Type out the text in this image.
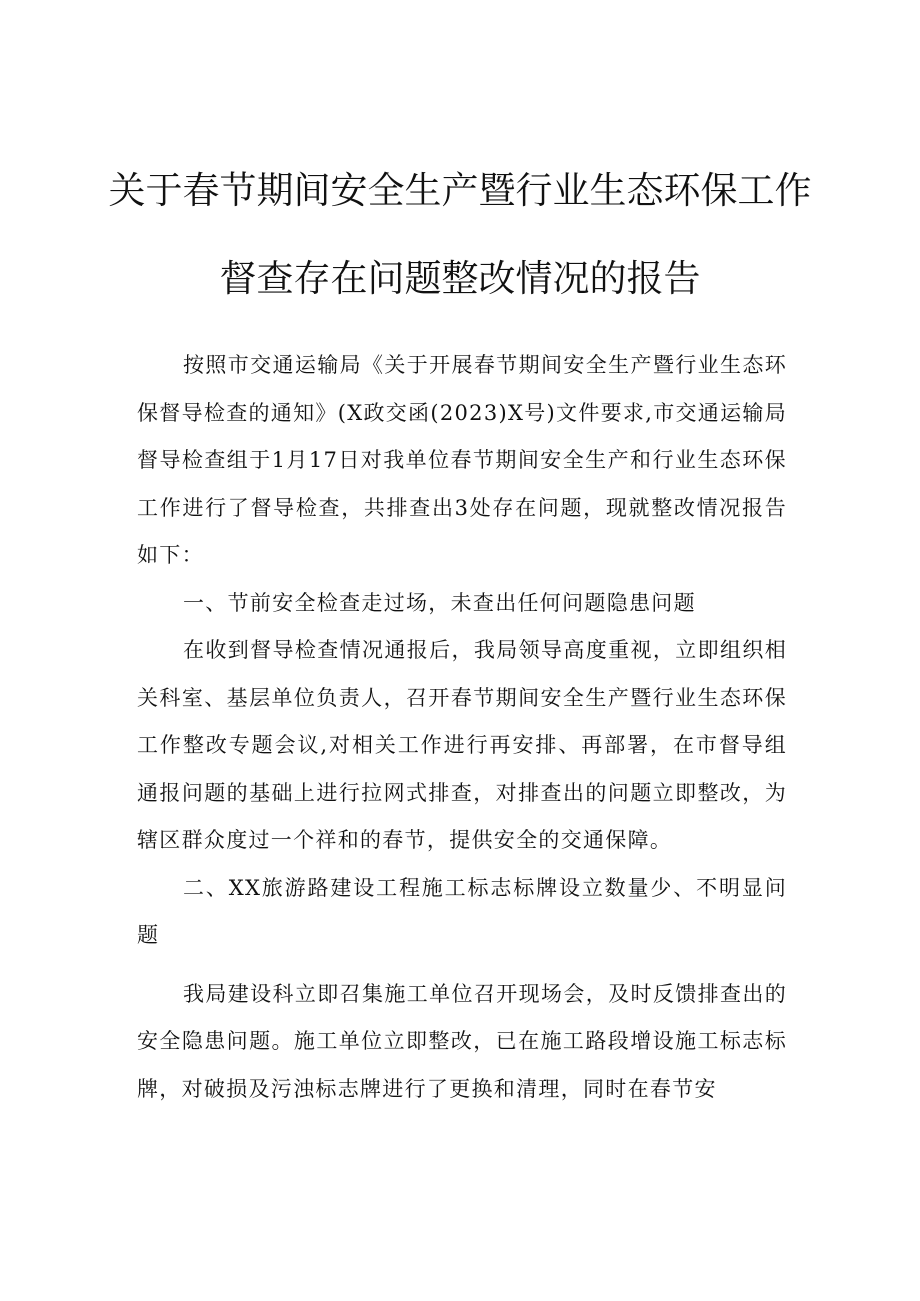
关于春节期间安全生产暨行业生态环保工作
督查存在问题整改情况的报告

按照市交通运输局《关于开展春节期间安全生产暨行业生态环保督导检查的通知》(X政交函(2023)X号)文件要求,市交通运输局督导检查组于1月17日对我单位春节期间安全生产和行业生态环保工作进行了督导检查，共排查出3处存在问题，现就整改情况报告如下：

一、节前安全检查走过场，未查出任何问题隐患问题

在收到督导检查情况通报后，我局领导高度重视，立即组织相关科室、基层单位负责人，召开春节期间安全生产暨行业生态环保工作整改专题会议,对相关工作进行再安排、再部署，在市督导组通报问题的基础上进行拉网式排查，对排查出的问题立即整改，为辖区群众度过一个祥和的春节，提供安全的交通保障。

二、XX旅游路建设工程施工标志标牌设立数量少、不明显问题

我局建设科立即召集施工单位召开现场会，及时反馈排查出的安全隐患问题。施工单位立即整改，已在施工路段增设施工标志标牌，对破损及污浊标志牌进行了更换和清理，同时在春节安
